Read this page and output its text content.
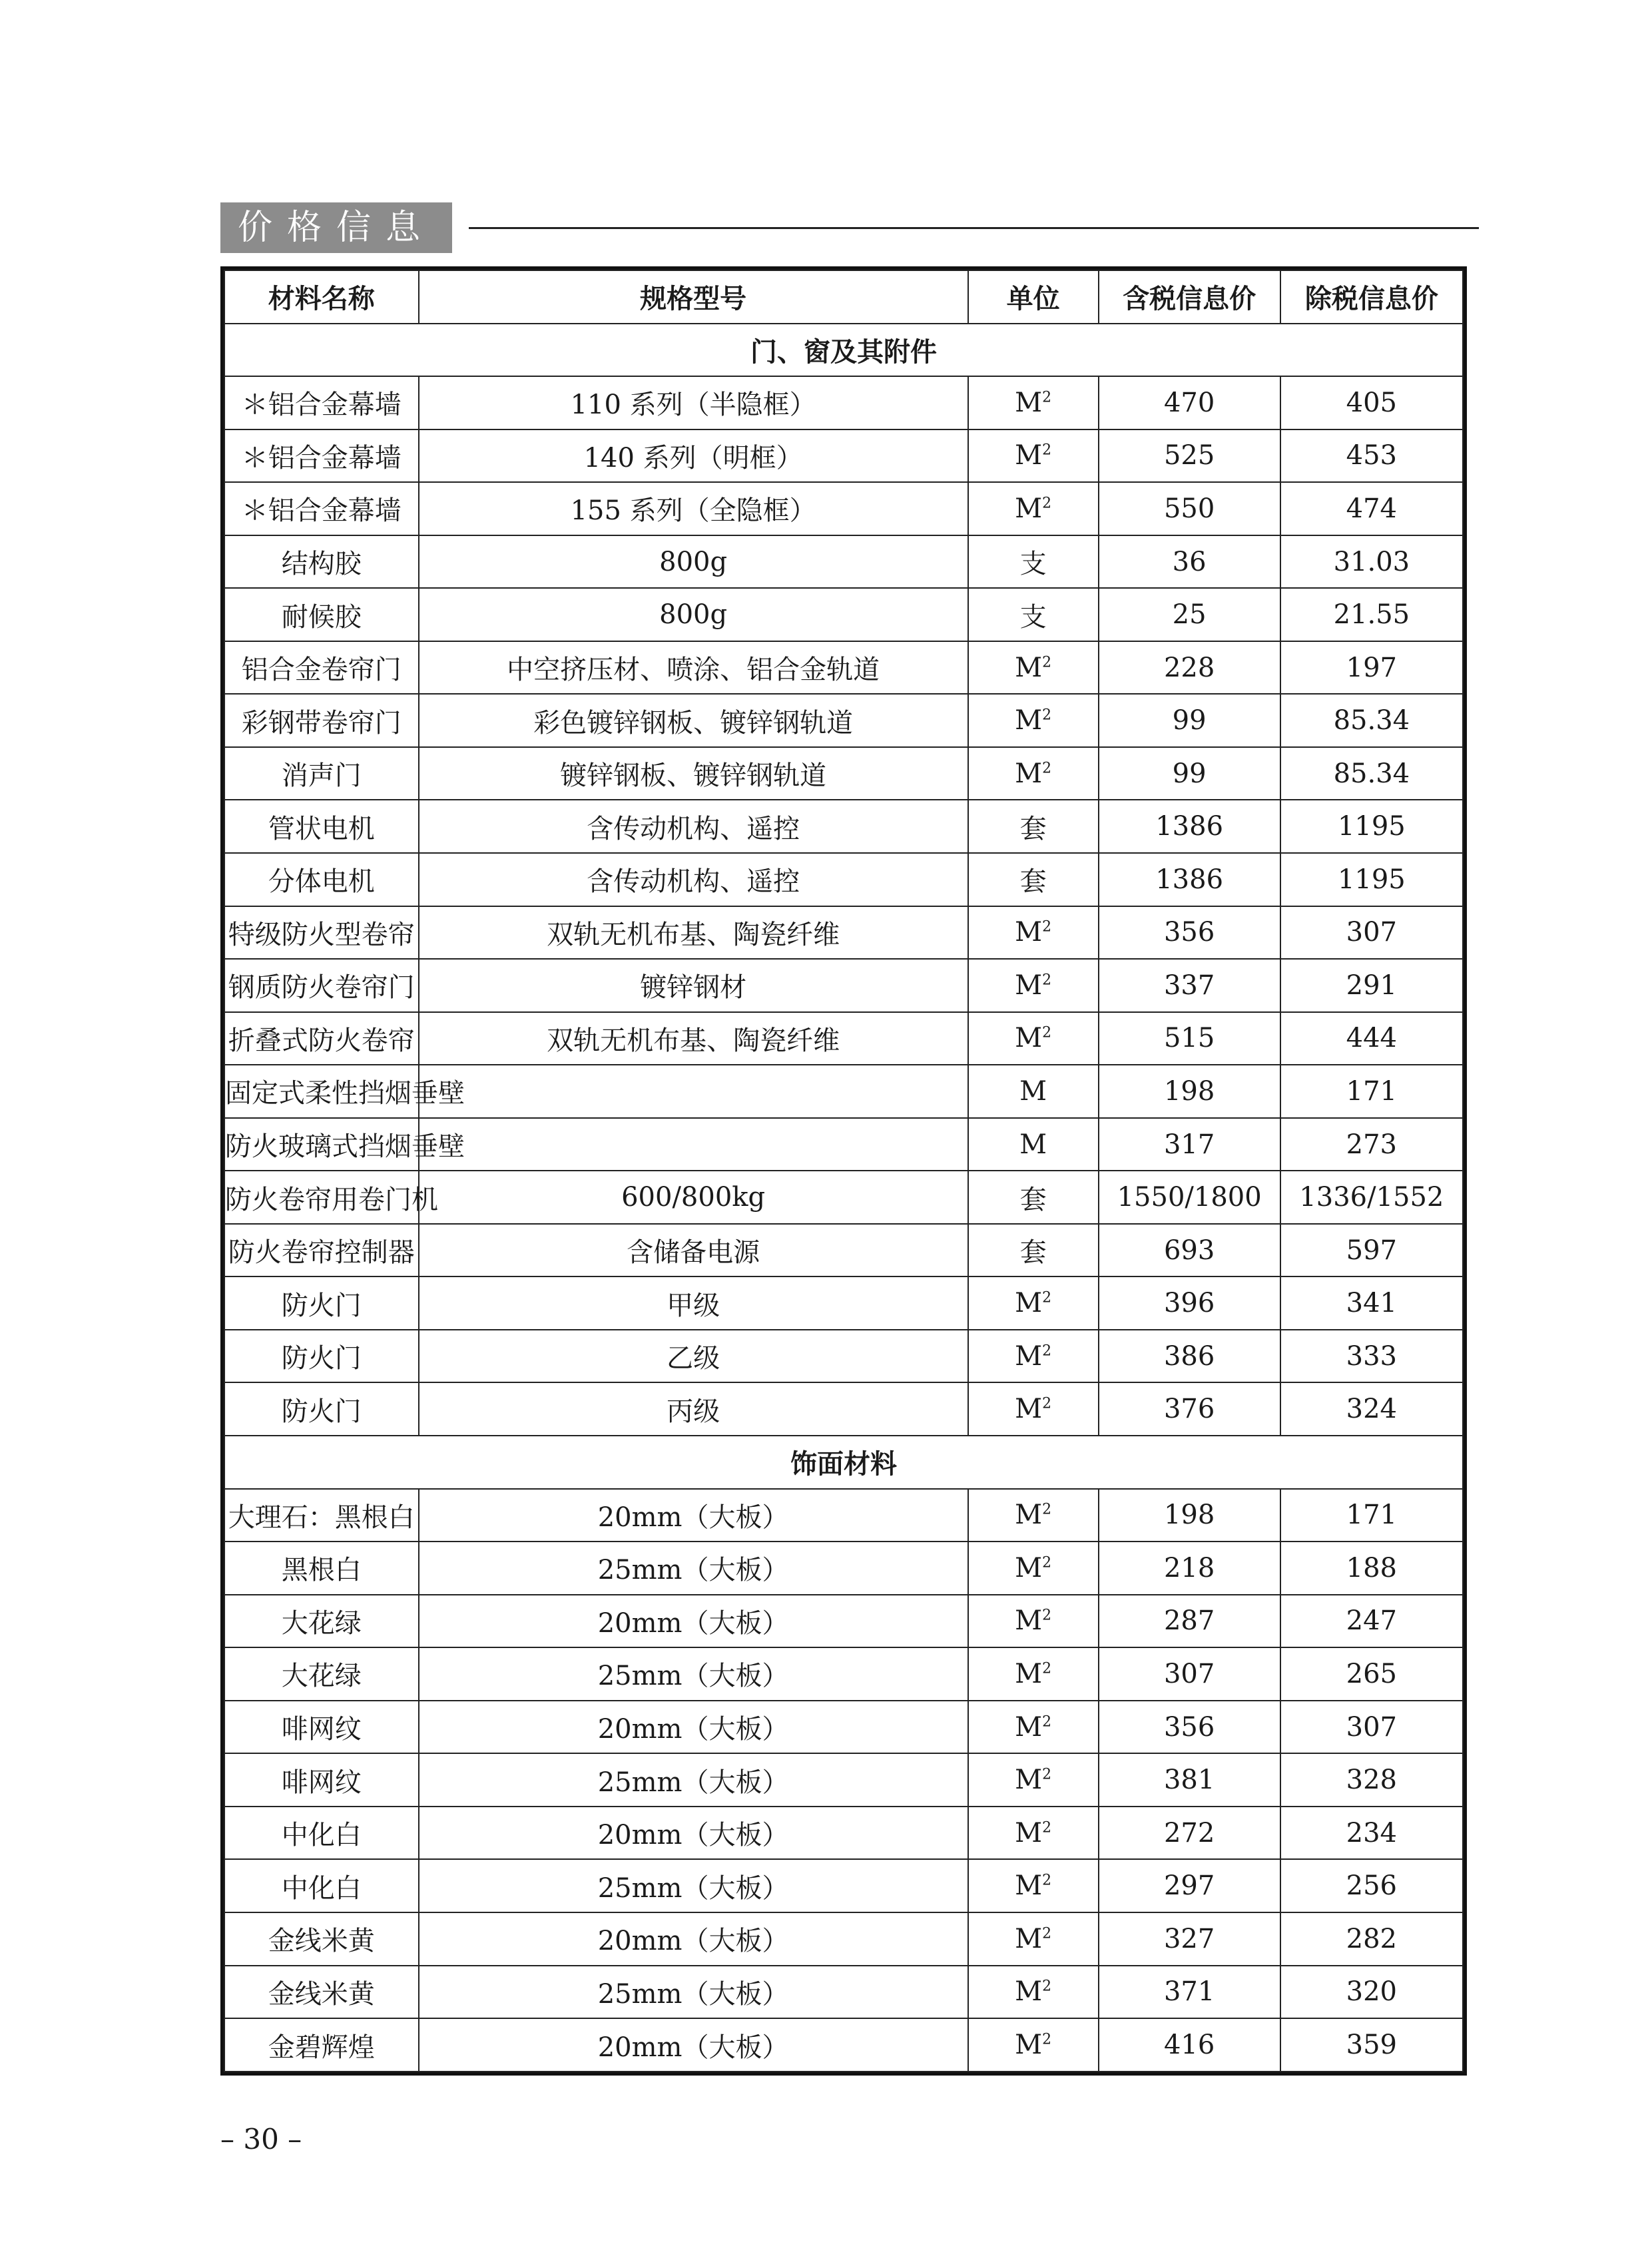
价格信息
材料名称	规格型号	单位	含税信息价	除税信息价
门、窗及其附件				
＊铝合金幕墙	110 系列（半隐框）	$M^2$	470	405
＊铝合金幕墙	140 系列（明框）	$M^2$	525	453
＊铝合金幕墙	155 系列（全隐框）	$M^2$	550	474
结构胶	800g	支	36	31.03
耐候胶	800g	支	25	21.55
铝合金卷帘门	中空挤压材、喷涂、铝合金轨道	$M^2$	228	197
彩钢带卷帘门	彩色镀锌钢板、镀锌钢轨道	$M^2$	99	85.34
消声门	镀锌钢板、镀锌钢轨道	$M^2$	99	85.34
管状电机	含传动机构、遥控	套	1386	1195
分体电机	含传动机构、遥控	套	1386	1195
特级防火型卷帘	双轨无机布基、陶瓷纤维	$M^2$	356	307
钢质防火卷帘门	镀锌钢材	$M^2$	337	291
折叠式防火卷帘	双轨无机布基、陶瓷纤维	$M^2$	515	444
固定式柔性挡烟垂壁		M	198	171
防火玻璃式挡烟垂壁		M	317	273
防火卷帘用卷门机	600/800kg	套	1550/1800	1336/1552
防火卷帘控制器	含储备电源	套	693	597
防火门	甲级	$M^2$	396	341
防火门	乙级	$M^2$	386	333
防火门	丙级	$M^2$	376	324
饰面材料				
大理石：黑根白	20mm（大板）	$M^2$	198	171
黑根白	25mm（大板）	$M^2$	218	188
大花绿	20mm（大板）	$M^2$	287	247
大花绿	25mm（大板）	$M^2$	307	265
啡网纹	20mm（大板）	$M^2$	356	307
啡网纹	25mm（大板）	$M^2$	381	328
中化白	20mm（大板）	$M^2$	272	234
中化白	25mm（大板）	$M^2$	297	256
金线米黄	20mm（大板）	$M^2$	327	282
金线米黄	25mm（大板）	$M^2$	371	320
金碧辉煌	20mm（大板）	$M^2$	416	359
– 30 –
